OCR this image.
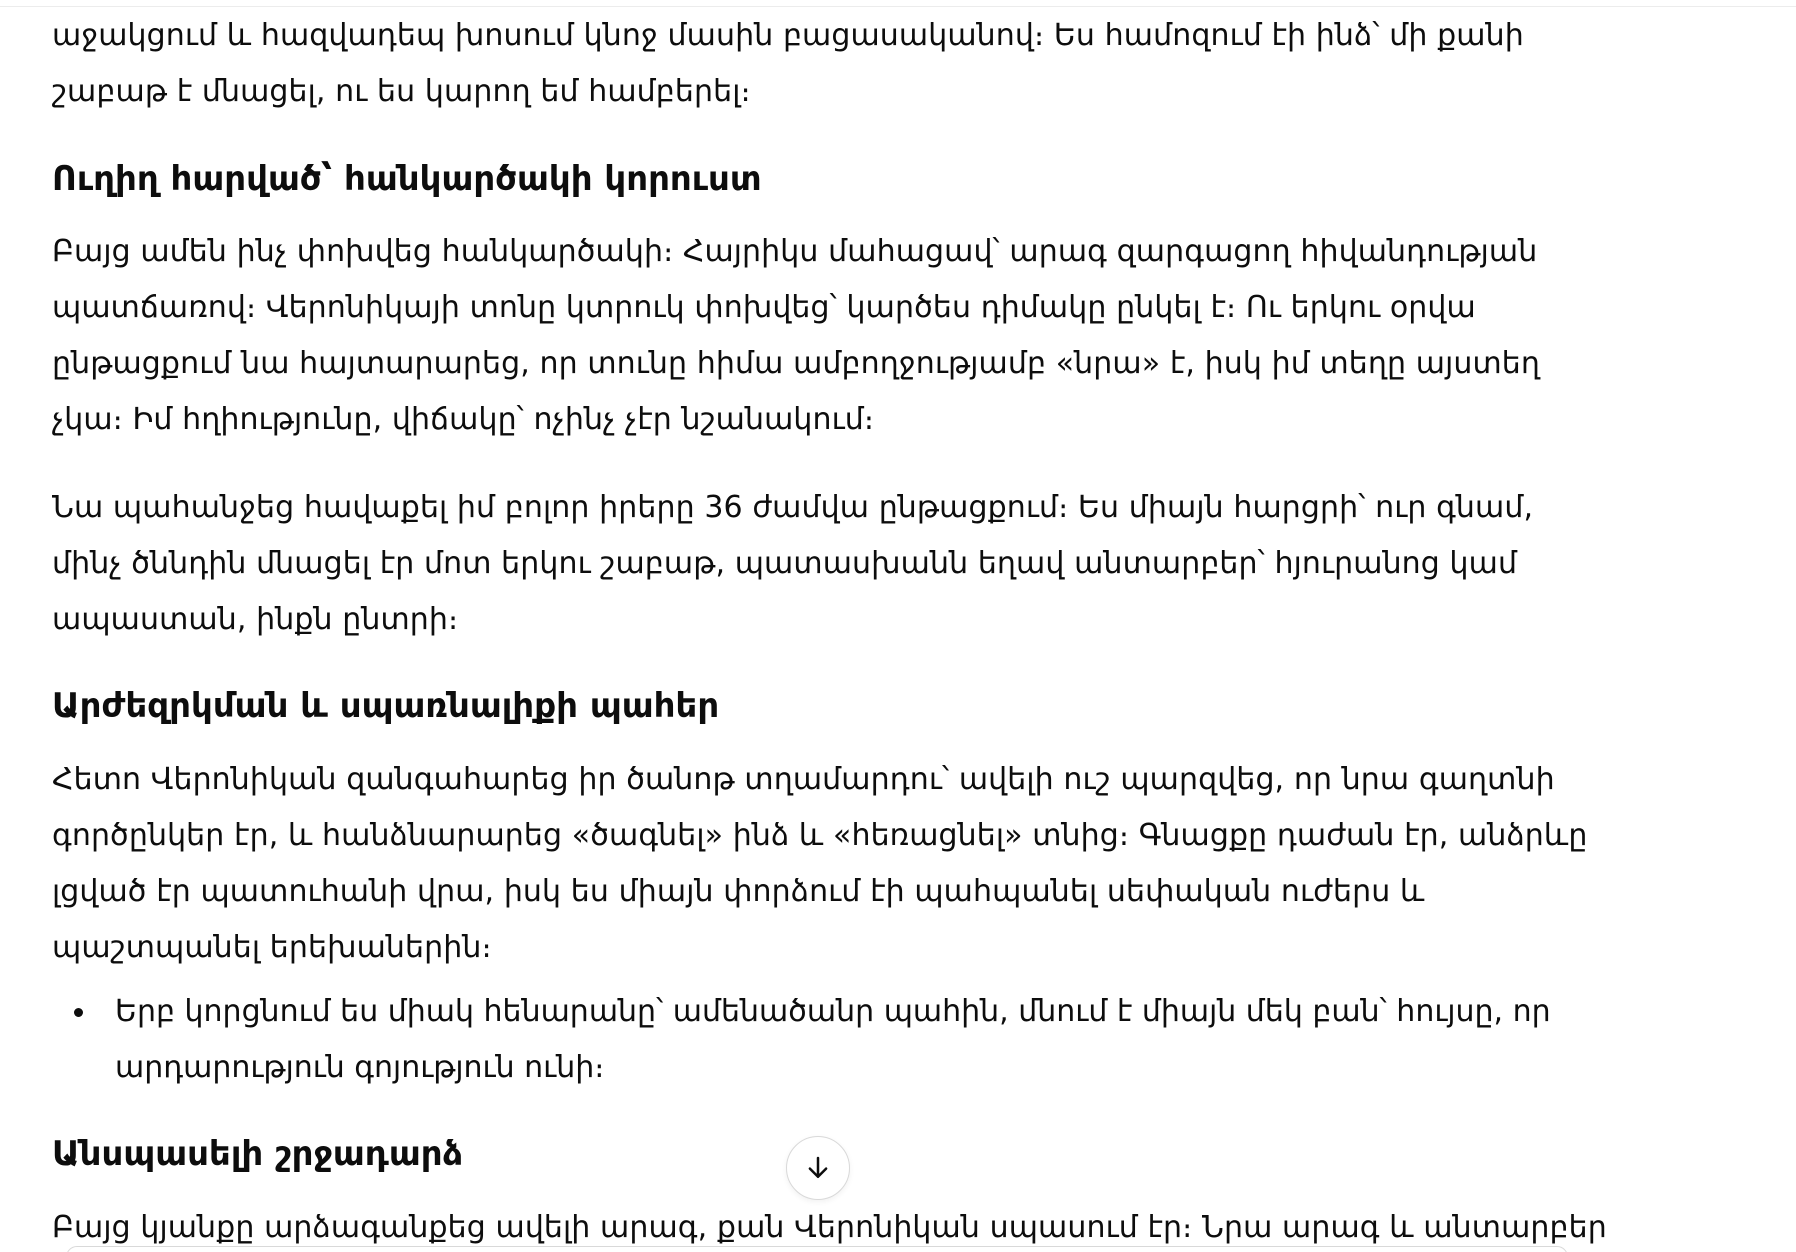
աջակցում և հազվադեպ խոսում կնոջ մասին բացասականով։ Ես համոզում էի ինձ՝ մի քանի շաբաթ է մնացել, ու ես կարող եմ համբերել։

Ուղիղ հարված՝ հանկարծակի կորուստ

Բայց ամեն ինչ փոխվեց հանկարծակի։ Հայրիկս մահացավ՝ արագ զարգացող հիվանդության պատճառով։ Վերոնիկայի տոնը կտրուկ փոխվեց՝ կարծես դիմակը ընկել է։ Ու երկու օրվա ընթացքում նա հայտարարեց, որ տունը հիմա ամբողջությամբ «նրա» է, իսկ իմ տեղը այստեղ չկա։ Իմ հղիությունը, վիճակը՝ ոչինչ չէր նշանակում։

Նա պահանջեց հավաքել իմ բոլոր իրերը 36 ժամվա ընթացքում։ Ես միայն հարցրի՝ ուր գնամ, մինչ ծննդին մնացել էր մոտ երկու շաբաթ, պատասխանն եղավ անտարբեր՝ հյուրանոց կամ ապաստան, ինքն ընտրի։

Արժեզրկման և սպառնալիքի պահեր

Հետո Վերոնիկան զանգահարեց իր ծանոթ տղամարդու՝ ավելի ուշ պարզվեց, որ նրա գաղտնի գործընկեր էր, և հանձնարարեց «ծագնել» ինձ և «հեռացնել» տնից։ Գնացքը դաժան էր, անձրևը լցված էր պատուհանի վրա, իսկ ես միայն փորձում էի պահպանել սեփական ուժերս և պաշտպանել երեխաներին։

Երբ կորցնում ես միակ հենարանը՝ ամենածանր պահին, մնում է միայն մեկ բան՝ հույսը, որ արդարություն գոյություն ունի։
Անսպասելի շրջադարձ

Բայց կյանքը արձագանքեց ավելի արագ, քան Վերոնիկան սպասում էր։ Նրա արագ և անտարբեր
